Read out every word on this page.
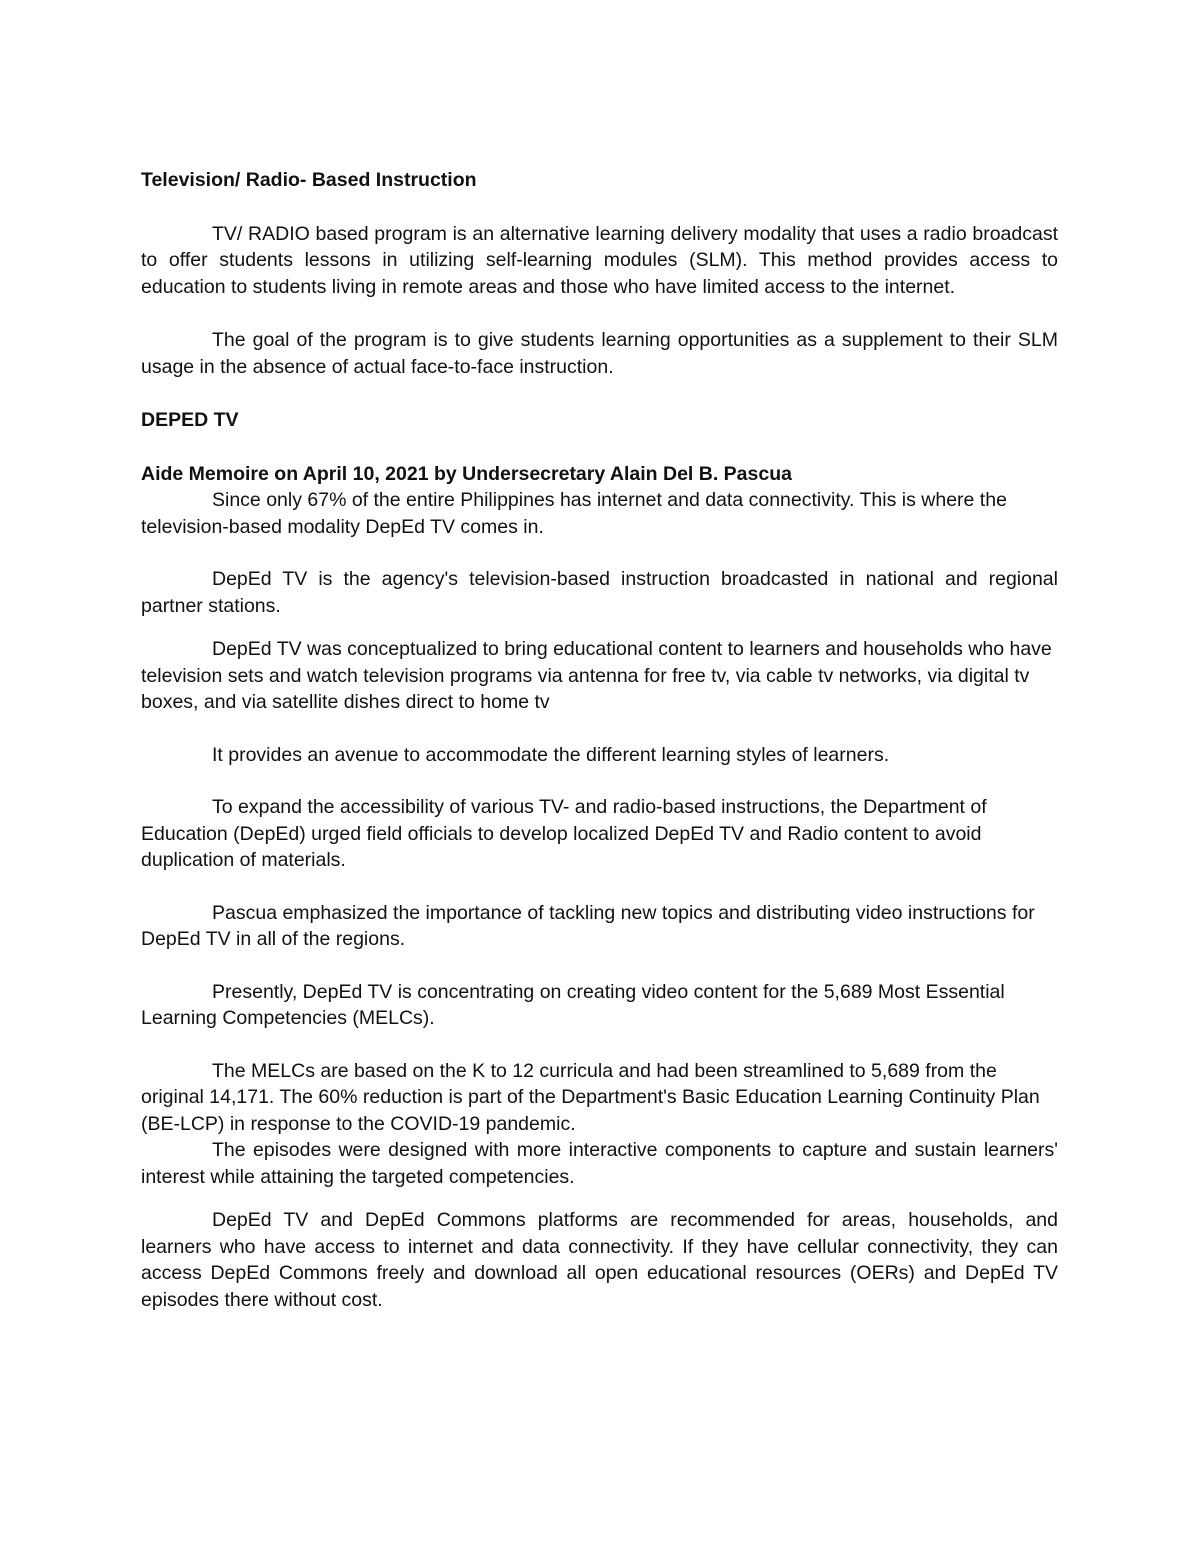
Television/ Radio- Based Instruction

TV/ RADIO based program is an alternative learning delivery modality that uses a radio broadcast to offer students lessons in utilizing self-learning modules (SLM). This method provides access to education to students living in remote areas and those who have limited access to the internet.

The goal of the program is to give students learning opportunities as a supplement to their SLM usage in the absence of actual face-to-face instruction.

DEPED TV

Aide Memoire on April 10, 2021 by Undersecretary Alain Del B. Pascua

Since only 67% of the entire Philippines has internet and data connectivity. This is where the television-based modality DepEd TV comes in.

DepEd TV is the agency's television-based instruction broadcasted in national and regional partner stations.

DepEd TV was conceptualized to bring educational content to learners and households who have television sets and watch television programs via antenna for free tv, via cable tv networks, via digital tv boxes, and via satellite dishes direct to home tv

It provides an avenue to accommodate the different learning styles of learners.

To expand the accessibility of various TV- and radio-based instructions, the Department of Education (DepEd) urged field officials to develop localized DepEd TV and Radio content to avoid duplication of materials.

Pascua emphasized the importance of tackling new topics and distributing video instructions for DepEd TV in all of the regions.

Presently, DepEd TV is concentrating on creating video content for the 5,689 Most Essential Learning Competencies (MELCs).

The MELCs are based on the K to 12 curricula and had been streamlined to 5,689 from the original 14,171. The 60% reduction is part of the Department's Basic Education Learning Continuity Plan (BE-LCP) in response to the COVID-19 pandemic.

The episodes were designed with more interactive components to capture and sustain learners' interest while attaining the targeted competencies.

DepEd TV and DepEd Commons platforms are recommended for areas, households, and learners who have access to internet and data connectivity. If they have cellular connectivity, they can access DepEd Commons freely and download all open educational resources (OERs) and DepEd TV episodes there without cost.
